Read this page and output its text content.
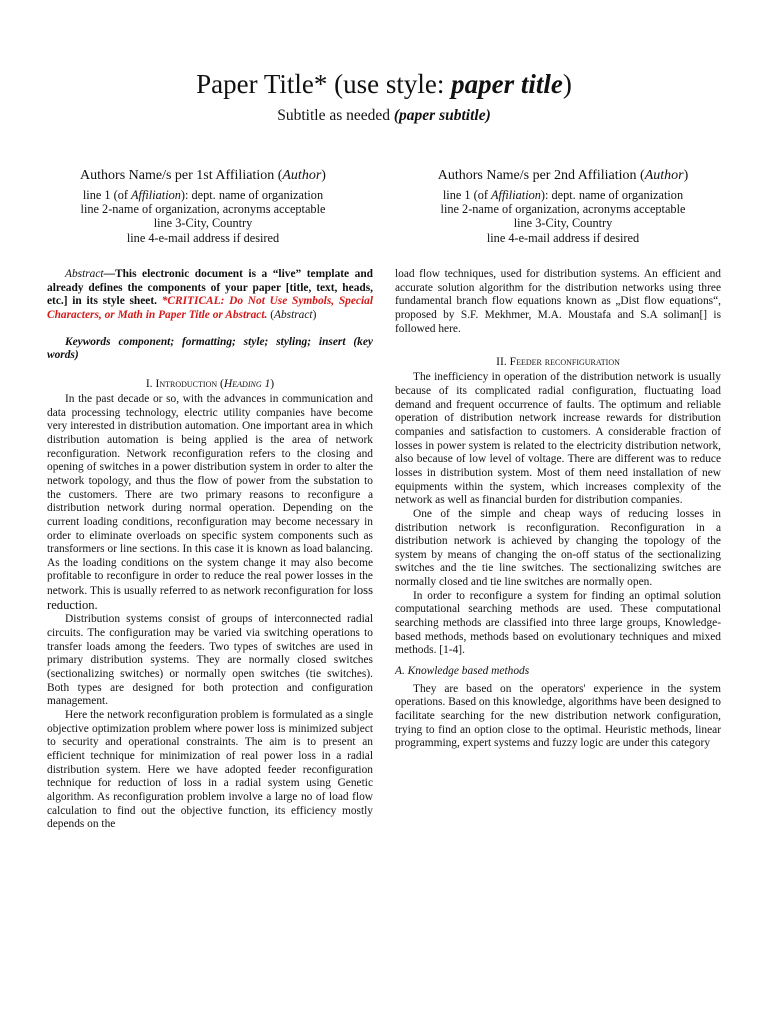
Paper Title* (use style: paper title)
Subtitle as needed (paper subtitle)
Authors Name/s per 1st Affiliation (Author)
line 1 (of Affiliation): dept. name of organization
line 2-name of organization, acronyms acceptable
line 3-City, Country
line 4-e-mail address if desired
Authors Name/s per 2nd Affiliation (Author)
line 1 (of Affiliation): dept. name of organization
line 2-name of organization, acronyms acceptable
line 3-City, Country
line 4-e-mail address if desired

Abstract—This electronic document is a “live” template and already defines the components of your paper [title, text, heads, etc.] in its style sheet. *CRITICAL: Do Not Use Symbols, Special Characters, or Math in Paper Title or Abstract. (Abstract)

Keywords component; formatting; style; styling; insert (key words)

I. Introduction (Heading 1)

In the past decade or so, with the advances in communication and data processing technology, electric utility companies have become very interested in distribution automation. One important area in which distribution automation is being applied is the area of network reconfiguration. Network reconfiguration refers to the closing and opening of switches in a power distribution system in order to alter the network topology, and thus the flow of power from the substation to the customers. There are two primary reasons to reconfigure a distribution network during normal operation. Depending on the current loading conditions, reconfiguration may become necessary in order to eliminate overloads on specific system components such as transformers or line sections. In this case it is known as load balancing. As the loading conditions on the system change it may also become profitable to reconfigure in order to reduce the real power losses in the network. This is usually referred to as network reconfiguration for loss reduction.

Distribution systems consist of groups of interconnected radial circuits. The configuration may be varied via switching operations to transfer loads among the feeders. Two types of switches are used in primary distribution systems. They are normally closed switches (sectionalizing switches) or normally open switches (tie switches). Both types are designed for both protection and configuration management.

Here the network reconfiguration problem is formulated as a single objective optimization problem where power loss is minimized subject to security and operational constraints. The aim is to present an efficient technique for minimization of real power loss in a radial distribution system. Here we have adopted feeder reconfiguration technique for reduction of loss in a radial system using Genetic algorithm. As reconfiguration problem involve a large no of load flow calculation to find out the objective function, its efficiency mostly depends on the

load flow techniques, used for distribution systems. An efficient and accurate solution algorithm for the distribution networks using three fundamental branch flow equations known as „Dist flow equations“, proposed by S.F. Mekhmer, M.A. Moustafa and S.A soliman[] is followed here.

II. Feeder reconfiguration

The inefficiency in operation of the distribution network is usually because of its complicated radial configuration, fluctuating load demand and frequent occurrence of faults. The optimum and reliable operation of distribution network increase rewards for distribution companies and satisfaction to customers. A considerable fraction of losses in power system is related to the electricity distribution network, also because of low level of voltage. There are different was to reduce losses in distribution system. Most of them need installation of new equipments within the system, which increases complexity of the network as well as financial burden for distribution companies.

One of the simple and cheap ways of reducing losses in distribution network is reconfiguration. Reconfiguration in a distribution network is achieved by changing the topology of the system by means of changing the on-off status of the sectionalizing switches and the tie line switches. The sectionalizing switches are normally closed and tie line switches are normally open.

In order to reconfigure a system for finding an optimal solution computational searching methods are used. These computational searching methods are classified into three large groups, Knowledge-based methods, methods based on evolutionary techniques and mixed methods. [1-4].

A. Knowledge based methods

They are based on the operators' experience in the system operations. Based on this knowledge, algorithms have been designed to facilitate searching for the new distribution network configuration, trying to find an option close to the optimal. Heuristic methods, linear programming, expert systems and fuzzy logic are under this category
